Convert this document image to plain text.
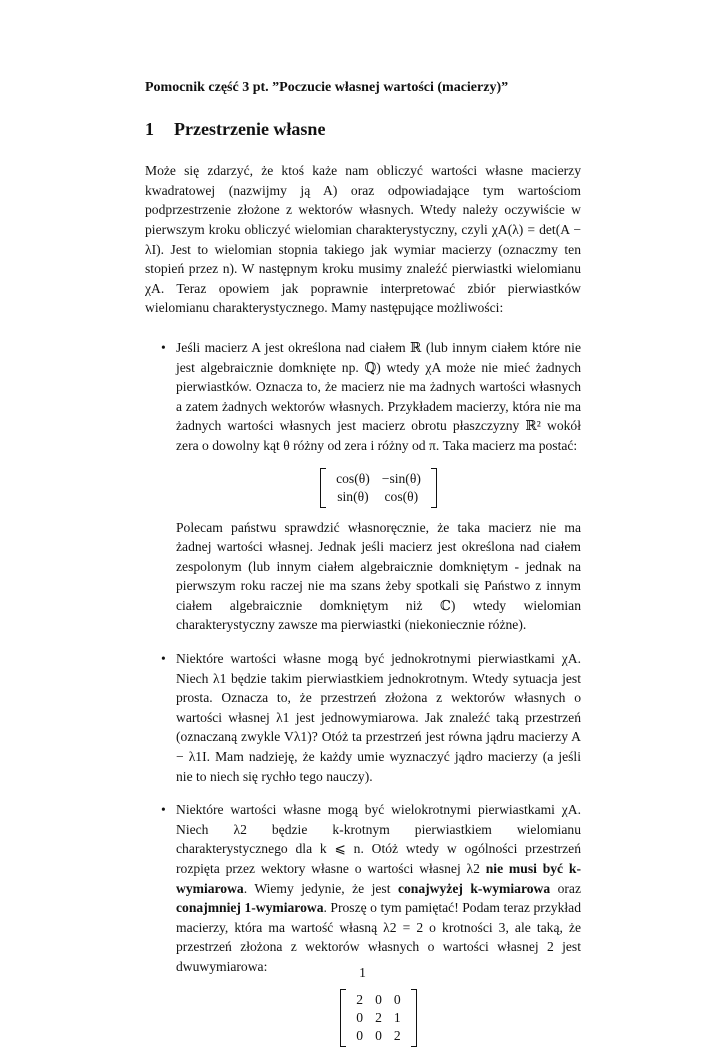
Pomocnik część 3 pt. ”Poczucie własnej wartości (macierzy)”
1 Przestrzenie własne

Może się zdarzyć, że ktoś każe nam obliczyć wartości własne macierzy kwadratowej (nazwijmy ją A) oraz odpowiadające tym wartościom podprzestrzenie złożone z wektorów własnych. Wtedy należy oczywiście w pierwszym kroku obliczyć wielomian charakterystyczny, czyli χA(λ) = det(A − λI). Jest to wielomian stopnia takiego jak wymiar macierzy (oznaczmy ten stopień przez n). W następnym kroku musimy znaleźć pierwiastki wielomianu χA. Teraz opowiem jak poprawnie interpretować zbiór pierwiastków wielomianu charakterystycznego. Mamy następujące możliwości:

• Jeśli macierz A jest określona nad ciałem ℝ (lub innym ciałem które nie jest algebraicznie domknięte np. ℚ) wtedy χA może nie mieć żadnych pierwiastków. Oznacza to, że macierz nie ma żadnych wartości własnych a zatem żadnych wektorów własnych. Przykładem macierzy, która nie ma żadnych wartości własnych jest macierz obrotu płaszczyzny ℝ² wokół zera o dowolny kąt θ różny od zera i różny od π. Taka macierz ma postać:

cos(θ)	−sin(θ)
sin(θ)	cos(θ)

Polecam państwu sprawdzić własnoręcznie, że taka macierz nie ma żadnej wartości własnej. Jednak jeśli macierz jest określona nad ciałem zespolonym (lub innym ciałem algebraicznie domkniętym - jednak na pierwszym roku raczej nie ma szans żeby spotkali się Państwo z innym ciałem algebraicznie domkniętym niż ℂ) wtedy wielomian charakterystyczny zawsze ma pierwiastki (niekoniecznie różne).

• Niektóre wartości własne mogą być jednokrotnymi pierwiastkami χA. Niech λ1 będzie takim pierwiastkiem jednokrotnym. Wtedy sytuacja jest prosta. Oznacza to, że przestrzeń złożona z wektorów własnych o wartości własnej λ1 jest jednowymiarowa. Jak znaleźć taką przestrzeń (oznaczaną zwykle Vλ1)? Otóż ta przestrzeń jest równa jądru macierzy A − λ1I. Mam nadzieję, że każdy umie wyznaczyć jądro macierzy (a jeśli nie to niech się rychło tego nauczy).

• Niektóre wartości własne mogą być wielokrotnymi pierwiastkami χA. Niech λ2 będzie k-krotnym pierwiastkiem wielomianu charakterystycznego dla k ⩽ n. Otóż wtedy w ogólności przestrzeń rozpięta przez wektory własne o wartości własnej λ2 nie musi być k-wymiarowa. Wiemy jedynie, że jest conajwyżej k-wymiarowa oraz conajmniej 1-wymiarowa. Proszę o tym pamiętać! Podam teraz przykład macierzy, która ma wartość własną λ2 = 2 o krotności 3, ale taką, że przestrzeń złożona z wektorów własnych o wartości własnej 2 jest dwuwymiarowa:

2	0	0
0	2	1
0	0	2
1
